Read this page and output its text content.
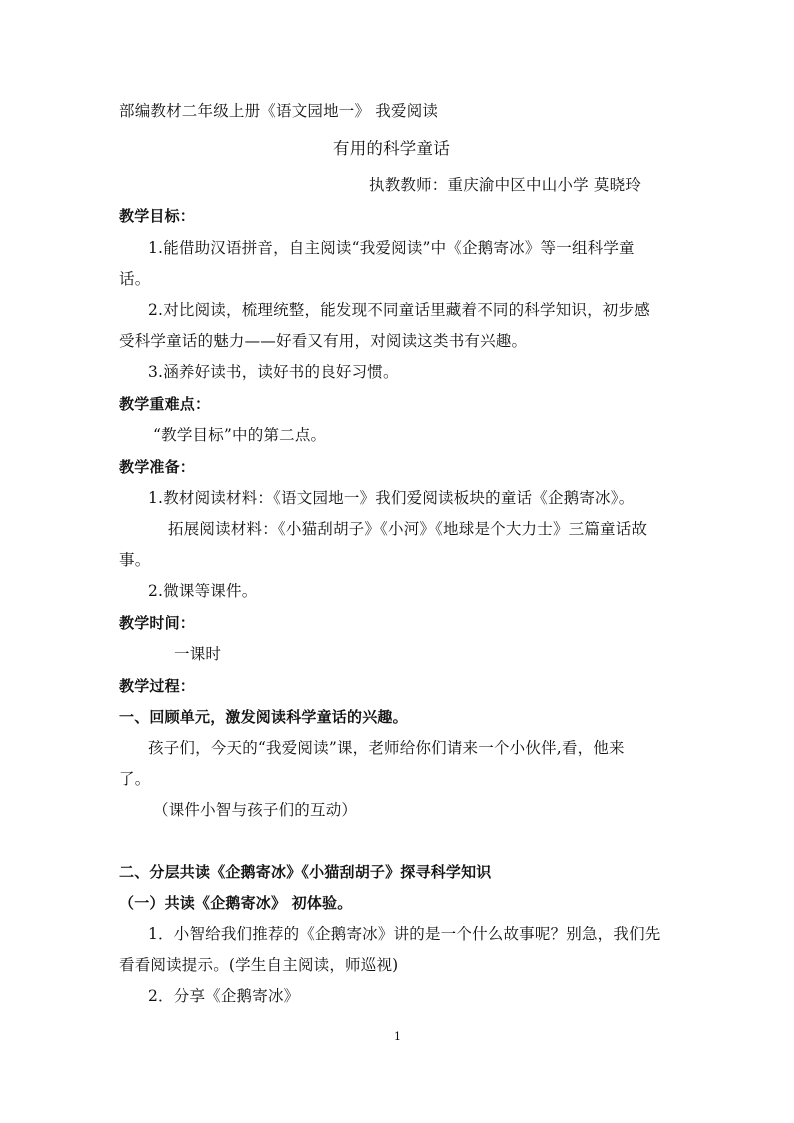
部编教材二年级上册《语文园地一》 我爱阅读
有用的科学童话
执教教师：重庆渝中区中山小学 莫晓玲
教学目标：
1.能借助汉语拼音，自主阅读“我爱阅读”中《企鹅寄冰》等一组科学童
话。
2.对比阅读，梳理统整，能发现不同童话里藏着不同的科学知识，初步感
受科学童话的魅力——好看又有用，对阅读这类书有兴趣。
3.涵养好读书，读好书的良好习惯。
教学重难点：
“教学目标”中的第二点。
教学准备：
1.教材阅读材料：《语文园地一》我们爱阅读板块的童话《企鹅寄冰》。
拓展阅读材料：《小猫刮胡子》《小河》《地球是个大力士》三篇童话故
事。
2.微课等课件。
教学时间：
一课时
教学过程：
一、回顾单元，激发阅读科学童话的兴趣。
孩子们，今天的“我爱阅读”课，老师给你们请来一个小伙伴,看，他来
了。
（课件小智与孩子们的互动）
二、分层共读《企鹅寄冰》《小猫刮胡子》探寻科学知识
（一）共读《企鹅寄冰》 初体验。
1．小智给我们推荐的《企鹅寄冰》讲的是一个什么故事呢？别急，我们先
看看阅读提示。(学生自主阅读，师巡视)
2．分享《企鹅寄冰》
1
